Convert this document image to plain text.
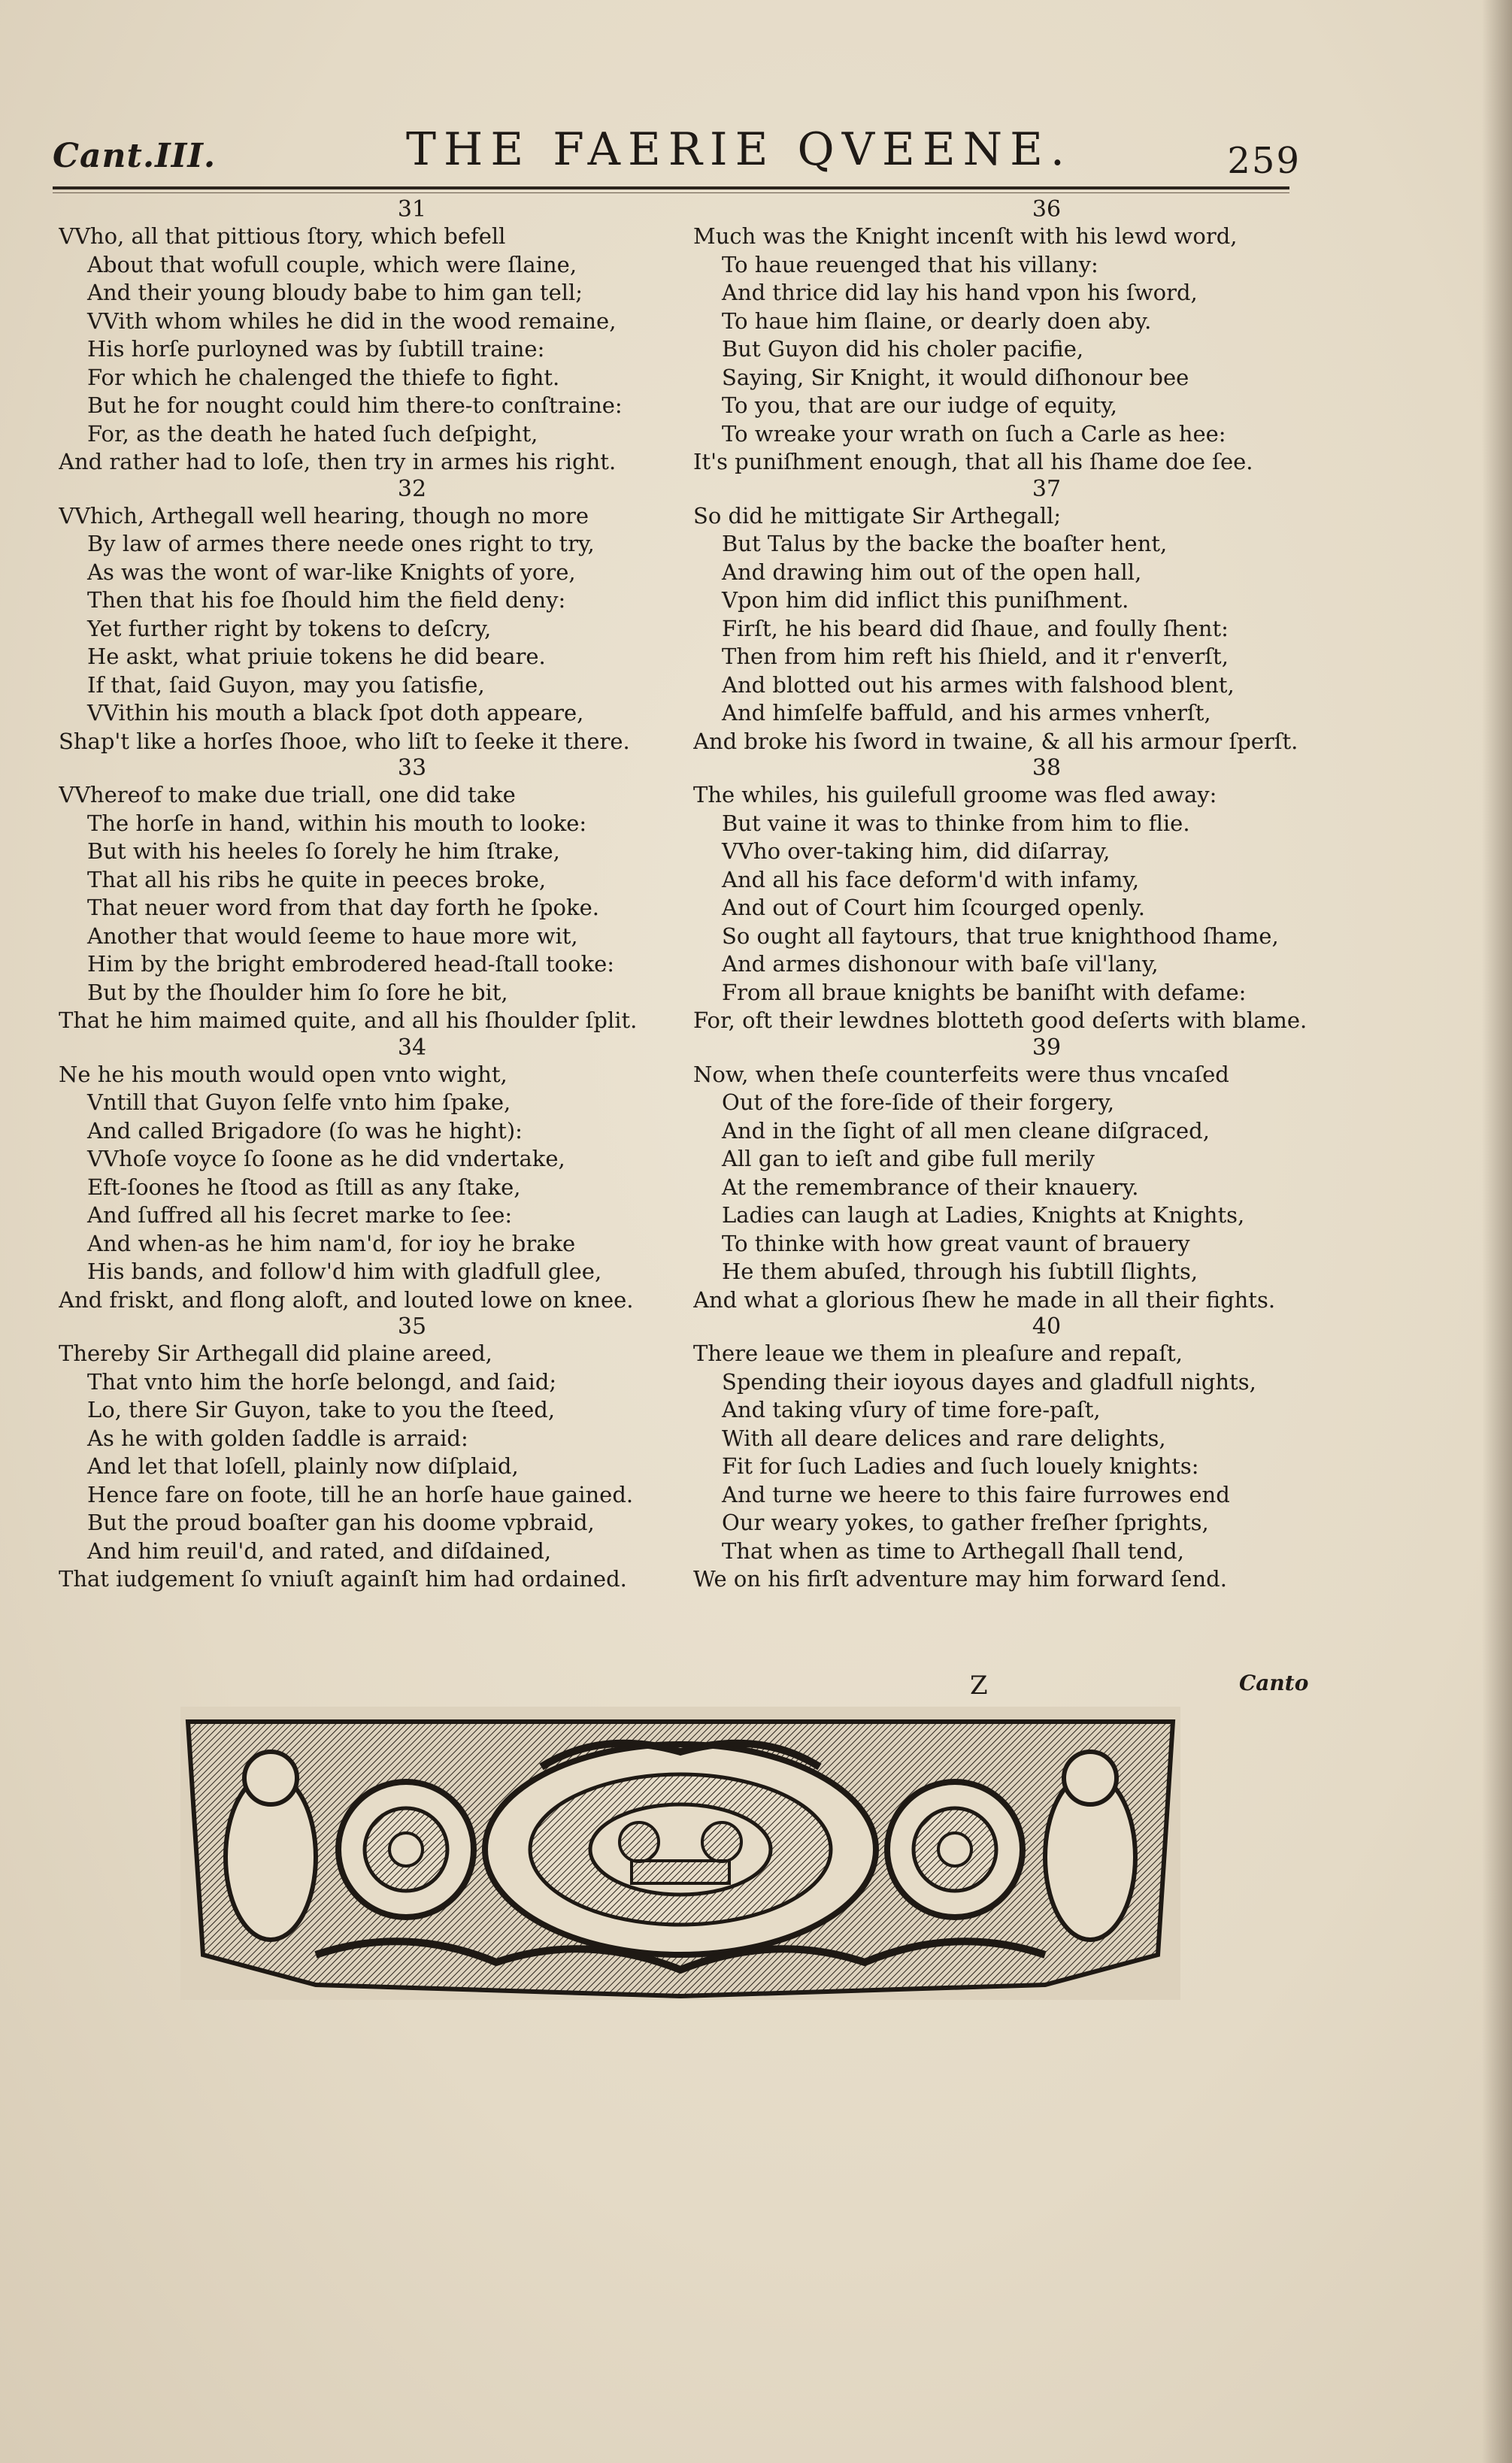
Cant.III.	THE FAERIE QVEENE.	259
31
VVho, all that pittious ſtory, which befell
About that wofull couple, which were ſlaine,
And their young bloudy babe to him gan tell;
VVith whom whiles he did in the wood remaine,
His horſe purloyned was by ſubtill traine:
For which he chalenged the thiefe to fight.
But he for nought could him there-to conſtraine:
For, as the death he hated ſuch deſpight,
And rather had to loſe, then try in armes his right.
32
VVhich, Arthegall well hearing, though no more
By law of armes there neede ones right to try,
As was the wont of war-like Knights of yore,
Then that his foe ſhould him the field deny:
Yet further right by tokens to deſcry,
He askt, what priuie tokens he did beare.
If that, ſaid Guyon, may you ſatisfie,
VVithin his mouth a black ſpot doth appeare,
Shap't like a horſes ſhooe, who liſt to ſeeke it there.
33
VVhereof to make due triall, one did take
The horſe in hand, within his mouth to looke:
But with his heeles ſo ſorely he him ſtrake,
That all his ribs he quite in peeces broke,
That neuer word from that day forth he ſpoke.
Another that would ſeeme to haue more wit,
Him by the bright embrodered head-ſtall tooke:
But by the ſhoulder him ſo ſore he bit,
That he him maimed quite, and all his ſhoulder ſplit.
34
Ne he his mouth would open vnto wight,
Vntill that Guyon ſelfe vnto him ſpake,
And called Brigadore (ſo was he hight):
VVhoſe voyce ſo ſoone as he did vndertake,
Eft-ſoones he ſtood as ſtill as any ſtake,
And ſuffred all his ſecret marke to ſee:
And when-as he him nam'd, for ioy he brake
His bands, and follow'd him with gladfull glee,
And friskt, and flong aloft, and louted lowe on knee.
35
Thereby Sir Arthegall did plaine areed,
That vnto him the horſe belongd, and ſaid;
Lo, there Sir Guyon, take to you the ſteed,
As he with golden ſaddle is arraid:
And let that loſell, plainly now diſplaid,
Hence fare on foote, till he an horſe haue gained.
But the proud boaſter gan his doome vpbraid,
And him reuil'd, and rated, and diſdained,
That iudgement ſo vniuſt againſt him had ordained.
36
Much was the Knight incenſt with his lewd word,
To haue reuenged that his villany:
And thrice did lay his hand vpon his ſword,
To haue him ſlaine, or dearly doen aby.
But Guyon did his choler pacifie,
Saying, Sir Knight, it would diſhonour bee
To you, that are our iudge of equity,
To wreake your wrath on ſuch a Carle as hee:
It's puniſhment enough, that all his ſhame doe ſee.
37
So did he mittigate Sir Arthegall;
But Talus by the backe the boaſter hent,
And drawing him out of the open hall,
Vpon him did inflict this puniſhment.
Firſt, he his beard did ſhaue, and foully ſhent:
Then from him reft his ſhield, and it r'enverſt,
And blotted out his armes with falshood blent,
And himſelfe baffuld, and his armes vnherſt,
And broke his ſword in twaine, & all his armour ſperſt.
38
The whiles, his guilefull groome was fled away:
But vaine it was to thinke from him to flie.
VVho over-taking him, did diſarray,
And all his face deform'd with infamy,
And out of Court him ſcourged openly.
So ought all faytours, that true knighthood ſhame,
And armes dishonour with baſe vil'lany,
From all braue knights be baniſht with defame:
For, oft their lewdnes blotteth good deſerts with blame.
39
Now, when theſe counterfeits were thus vncaſed
Out of the fore-ſide of their forgery,
And in the ſight of all men cleane diſgraced,
All gan to ieſt and gibe full merily
At the remembrance of their knauery.
Ladies can laugh at Ladies, Knights at Knights,
To thinke with how great vaunt of brauery
He them abuſed, through his ſubtill ſlights,
And what a glorious ſhew he made in all their fights.
40
There leaue we them in pleaſure and repaſt,
Spending their ioyous dayes and gladfull nights,
And taking vſury of time fore-paſt,
With all deare delices and rare delights,
Fit for ſuch Ladies and ſuch louely knights:
And turne we heere to this faire furrowes end
Our weary yokes, to gather freſher ſprights,
That when as time to Arthegall ſhall tend,
We on his firſt adventure may him forward ſend.
Z	Canto
